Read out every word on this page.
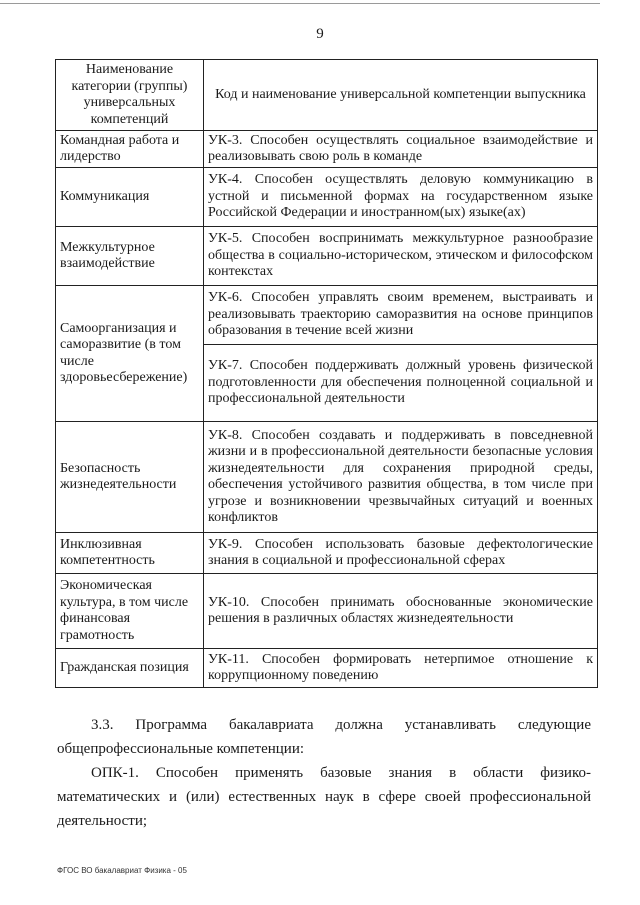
9
Наименование категории (группы) универсальных компетенций	Код и наименование универсальной компетенции выпускника
Командная работа и лидерство	УК-3. Способен осуществлять социальное взаимодействие и реализовывать свою роль в команде
Коммуникация	УК-4. Способен осуществлять деловую коммуникацию в устной и письменной формах на государственном языке Российской Федерации и иностранном(ых) языке(ах)
Межкультурное взаимодействие	УК-5. Способен воспринимать межкультурное разнообразие общества в социально-историческом, этическом и философском контекстах
Самоорганизация и саморазвитие (в том числе здоровьесбережение)	УК-6. Способен управлять своим временем, выстраивать и реализовывать траекторию саморазвития на основе принципов образования в течение всей жизни
	УК-7. Способен поддерживать должный уровень физической подготовленности для обеспечения полноценной социальной и профессиональной деятельности
Безопасность жизнедеятельности	УК-8. Способен создавать и поддерживать в повседневной жизни и в профессиональной деятельности безопасные условия жизнедеятельности для сохранения природной среды, обеспечения устойчивого развития общества, в том числе при угрозе и возникновении чрезвычайных ситуаций и военных конфликтов
Инклюзивная компетентность	УК-9. Способен использовать базовые дефектологические знания в социальной и профессиональной сферах
Экономическая культура, в том числе финансовая грамотность	УК-10. Способен принимать обоснованные экономические решения в различных областях жизнедеятельности
Гражданская позиция	УК-11. Способен формировать нетерпимое отношение к коррупционному поведению
3.3. Программа бакалавриата должна устанавливать следующие общепрофессиональные компетенции:
ОПК-1. Способен применять базовые знания в области физико-математических и (или) естественных наук в сфере своей профессиональной деятельности;
ФГОС ВО бакалавриат Физика - 05
